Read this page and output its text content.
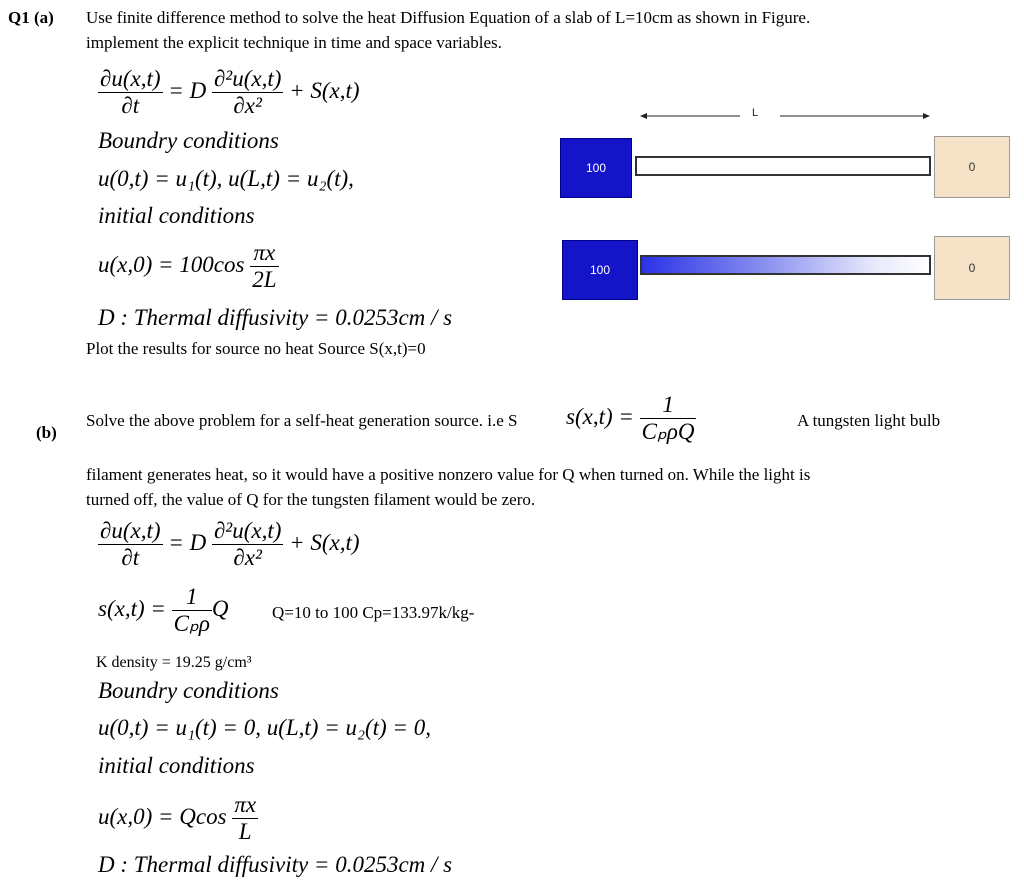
Q1 (a) Use finite difference method to solve the heat Diffusion Equation of a slab of L=10cm as shown in Figure.
implement the explicit technique in time and space variables.
$\frac{\partial u(x,t)}{\partial t} = D \frac{\text{∂²u(x,t)}}{\text{∂x²}} + S(x,t)$
Boundry conditions
u(0,t) = u₁(t), u(L,t) = u₂(t),
initial conditions
$u(x,0) = 100\cos \frac{\pi x}{2L}$
D : Thermal diffusivity = 0.0253cm / s
Plot the results for source no heat Source S(x,t)=0
L
100	0
100	0
(b)
Solve the above problem for a self-heat generation source. i.e S $s(x,t) = \frac{1}{\text{CₚρQ}}$	A tungsten light bulb
filament generates heat, so it would have a positive nonzero value for Q when turned on. While the light is
turned off, the value of Q for the tungsten filament would be zero.
$\frac{\partial u(x,t)}{\partial t} = D \frac{\text{∂²u(x,t)}}{\text{∂x²}} + S(x,t)$
$s(x,t) = \frac{1}{\text{Cₚρ}}$ Q	Q=10 to 100 Cp=133.97k/kg-
K density = 19.25 g/cm³
Boundry conditions
u(0,t) = u₁(t) = 0, u(L,t) = u₂(t) = 0,
initial conditions
u(x,0) = Qcos $\frac{\pi x}{L}$
D : Thermal diffusivity = 0.0253cm / s
